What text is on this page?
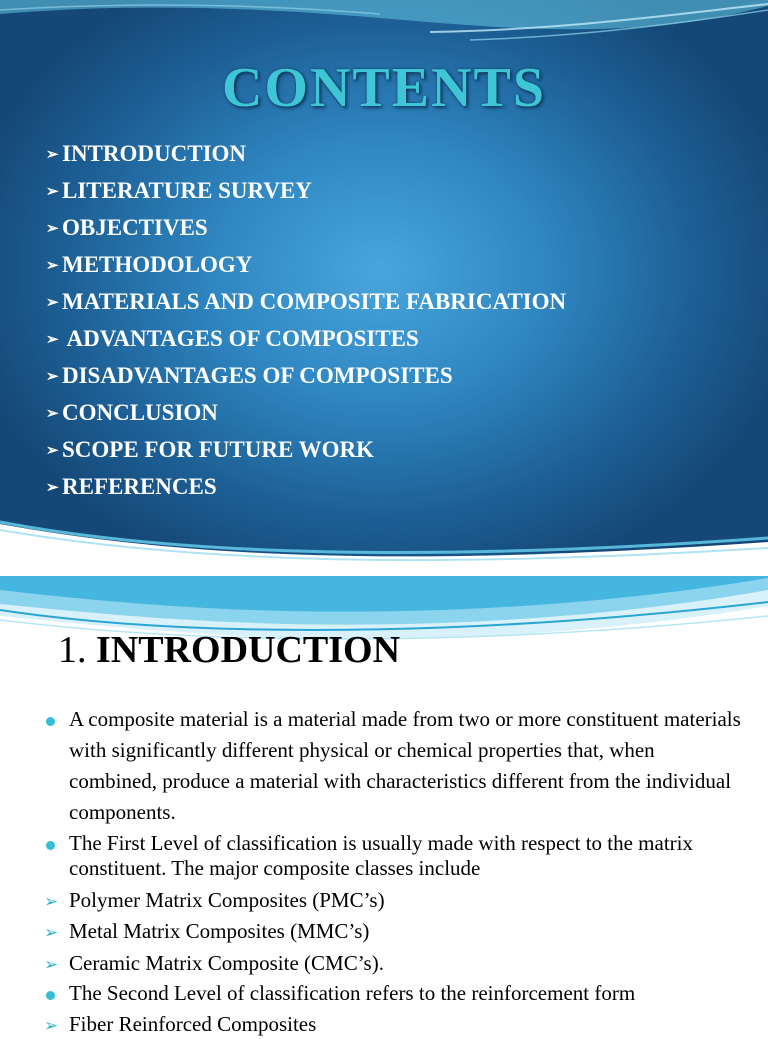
CONTENTS
➢ INTRODUCTION
➢ LITERATURE SURVEY
➢ OBJECTIVES
➢ METHODOLOGY
➢ MATERIALS AND COMPOSITE FABRICATION
➢ ADVANTAGES OF COMPOSITES
➢ DISADVANTAGES OF COMPOSITES
➢ CONCLUSION
➢ SCOPE FOR FUTURE WORK
➢ REFERENCES
1. INTRODUCTION
A composite material is a material made from two or more constituent materials with significantly different physical or chemical properties that, when combined, produce a material with characteristics different from the individual components.
The First Level of classification is usually made with respect to the matrix constituent. The major composite classes include
➢ Polymer Matrix Composites (PMC’s)
➢ Metal Matrix Composites (MMC’s)
➢ Ceramic Matrix Composite (CMC’s).
The Second Level of classification refers to the reinforcement form
➢ Fiber Reinforced Composites
